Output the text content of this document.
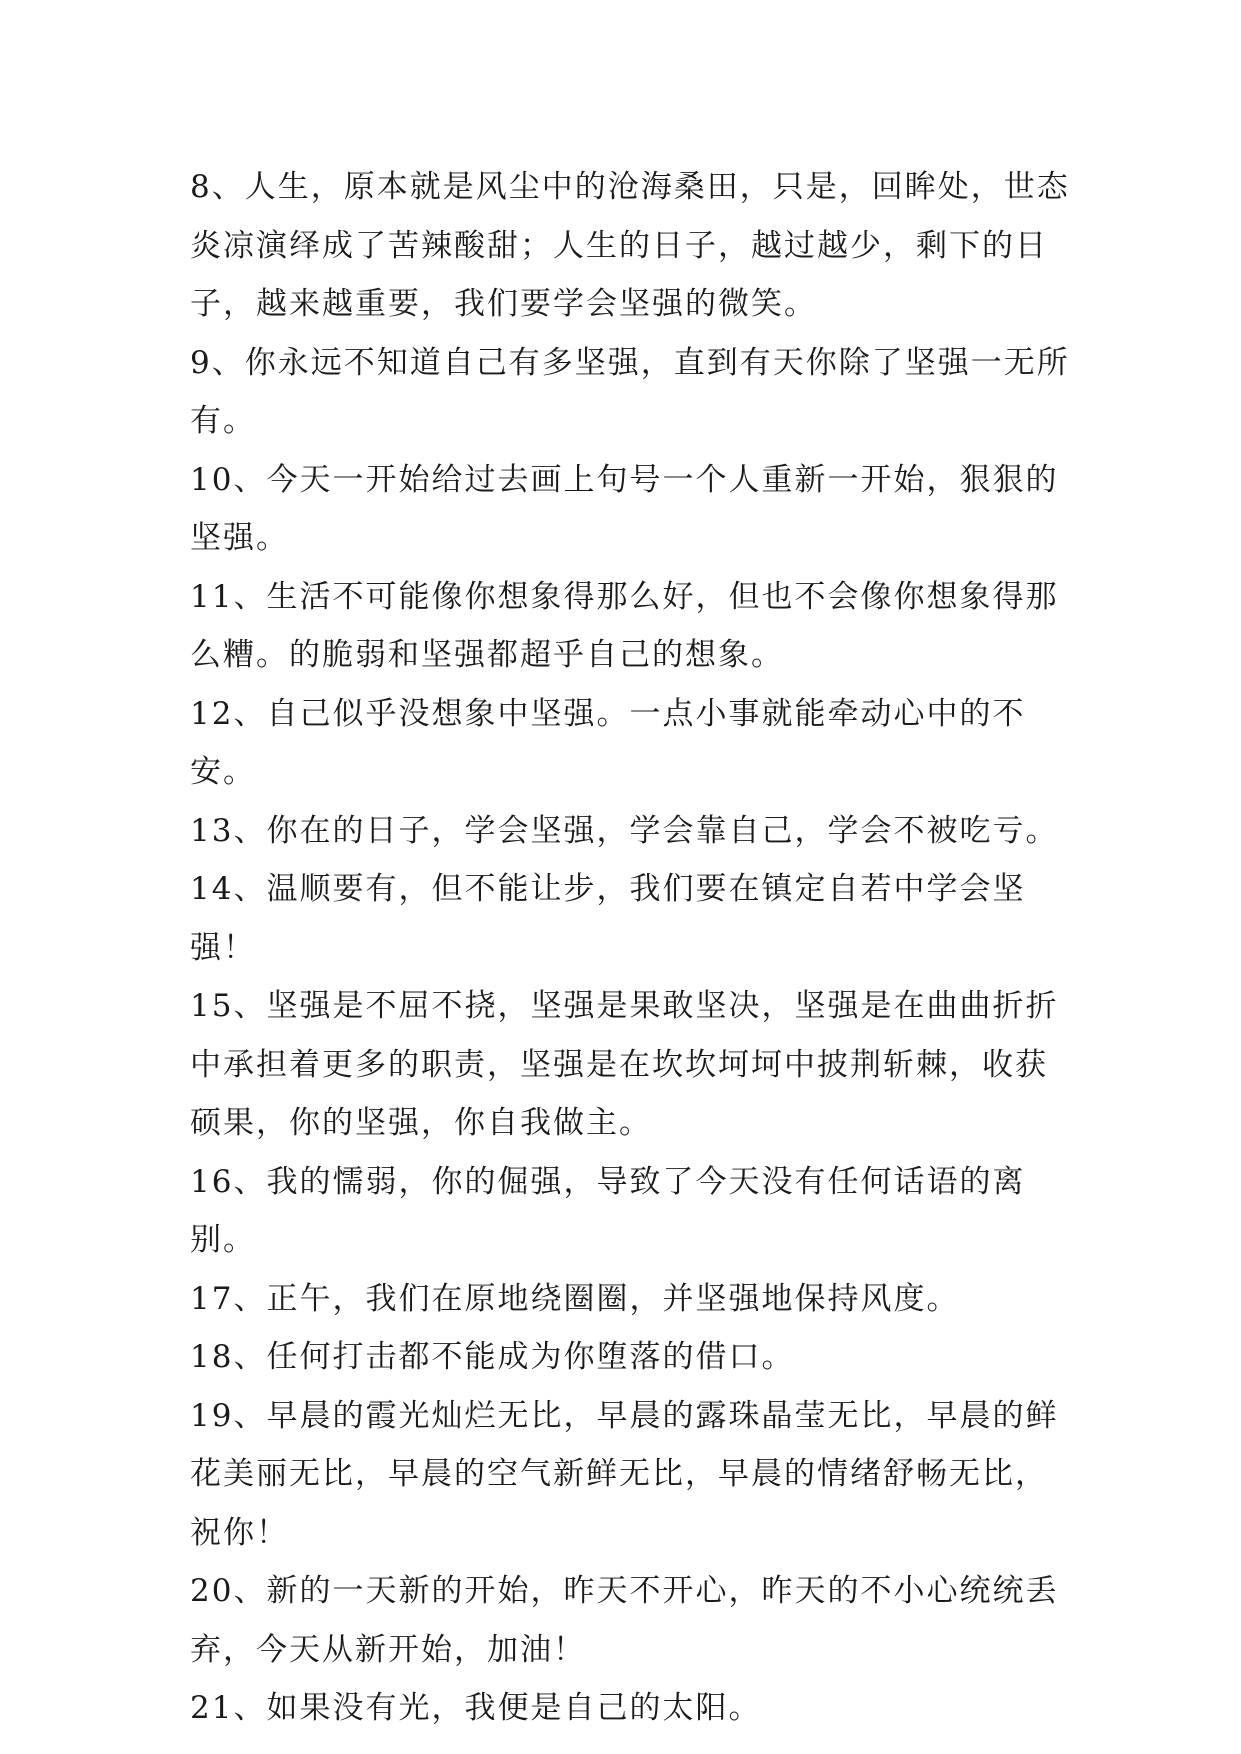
8、人生，原本就是风尘中的沧海桑田，只是，回眸处，世态炎凉演绎成了苦辣酸甜；人生的日子，越过越少，剩下的日子，越来越重要，我们要学会坚强的微笑。

9、你永远不知道自己有多坚强，直到有天你除了坚强一无所有。

10、今天一开始给过去画上句号一个人重新一开始，狠狠的坚强。

11、生活不可能像你想象得那么好，但也不会像你想象得那么糟。的脆弱和坚强都超乎自己的想象。

12、自己似乎没想象中坚强。一点小事就能牵动心中的不安。

13、你在的日子，学会坚强，学会靠自己，学会不被吃亏。

14、温顺要有，但不能让步，我们要在镇定自若中学会坚强！

15、坚强是不屈不挠，坚强是果敢坚决，坚强是在曲曲折折中承担着更多的职责，坚强是在坎坎坷坷中披荆斩棘，收获硕果，你的坚强，你自我做主。

16、我的懦弱，你的倔强，导致了今天没有任何话语的离别。

17、正午，我们在原地绕圈圈，并坚强地保持风度。

18、任何打击都不能成为你堕落的借口。

19、早晨的霞光灿烂无比，早晨的露珠晶莹无比，早晨的鲜花美丽无比，早晨的空气新鲜无比，早晨的情绪舒畅无比，祝你！

20、新的一天新的开始，昨天不开心，昨天的不小心统统丢弃，今天从新开始，加油！

21、如果没有光，我便是自己的太阳。
